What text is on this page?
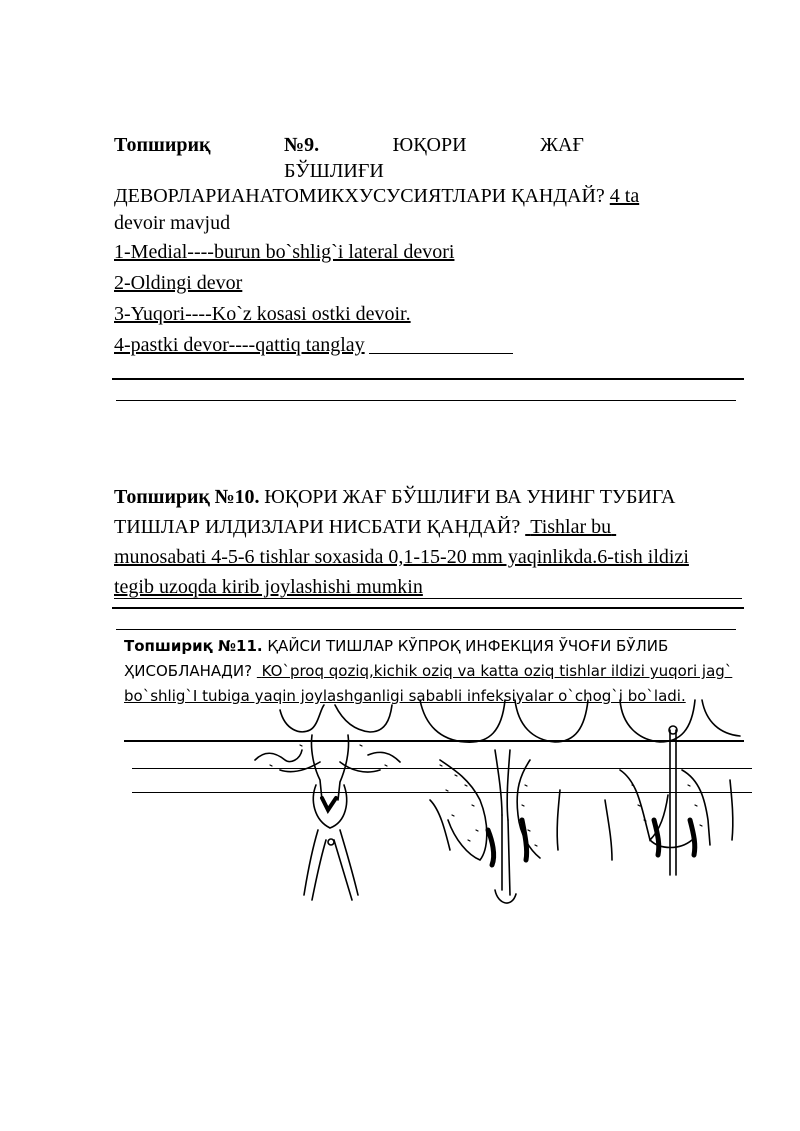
Топшириқ	№9.	ЮҚОРИ	ЖАҒ
БЎШЛИҒИ
ДЕВОРЛАРИАНАТОМИКХУСУСИЯТЛАРИ ҚАНДАЙ? 4 ta
devoir mavjud
1-Medial----burun bo`shlig`i lateral devori
2-Oldingi devor
3-Yuqori----Ko`z kosasi ostki devoir.
4-pastki devor----qattiq tanglay
Топшириқ №10. ЮҚОРИ ЖАҒ БЎШЛИҒИ ВА УНИНГ ТУБИГА
ТИШЛАР ИЛДИЗЛАРИ НИСБАТИ ҚАНДАЙ? Tishlar bu
munosabati 4-5-6 tishlar soxasida 0,1-15-20 mm yaqinlikda.6-tish ildizi
tegib uzoqda kirib joylashishi mumkin
Топшириқ №11. ҚАЙСИ ТИШЛАР КЎПРОҚ ИНФЕКЦИЯ ЎЧОҒИ БЎЛИБ
ҲИСОБЛАНАДИ? KO`proq qoziq,kichik oziq va katta oziq tishlar ildizi yuqori jag`
bo`shlig`I tubiga yaqin joylashganligi sababli infeksiyalar o`chog`i bo`ladi.
